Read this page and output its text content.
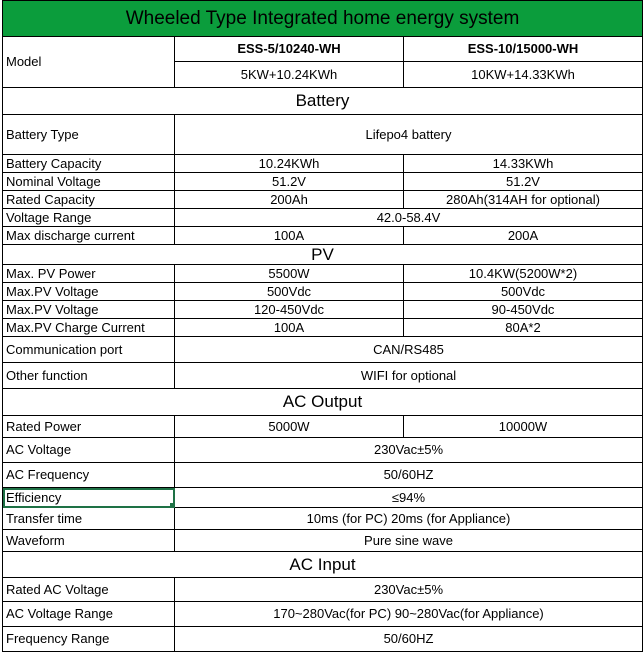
Wheeled Type Integrated home energy system		
Model	ESS-5/10240-WH	ESS-10/15000-WH
	5KW+10.24KWh	10KW+14.33KWh
Battery		
Battery Type	Lifepo4 battery	
Battery Capacity	10.24KWh	14.33KWh
Nominal Voltage	51.2V	51.2V
Rated Capacity	200Ah	280Ah(314AH for optional)
Voltage Range	42.0-58.4V	
Max discharge current	100A	200A
PV		
Max. PV Power	5500W	10.4KW(5200W*2)
Max.PV Voltage	500Vdc	500Vdc
Max.PV Voltage	120-450Vdc	90-450Vdc
Max.PV Charge Current	100A	80A*2
Communication port	CAN/RS485	
Other function	WIFI for optional	
AC Output		
Rated Power	5000W	10000W
AC Voltage	230Vac±5%	
AC Frequency	50/60HZ	
Efficiency	≤94%	
Transfer time	10ms (for PC) 20ms (for Appliance)	
Waveform	Pure sine wave	
AC Input		
Rated AC Voltage	230Vac±5%	
AC Voltage Range	170~280Vac(for PC) 90~280Vac(for Appliance)	
Frequency Range	50/60HZ	
